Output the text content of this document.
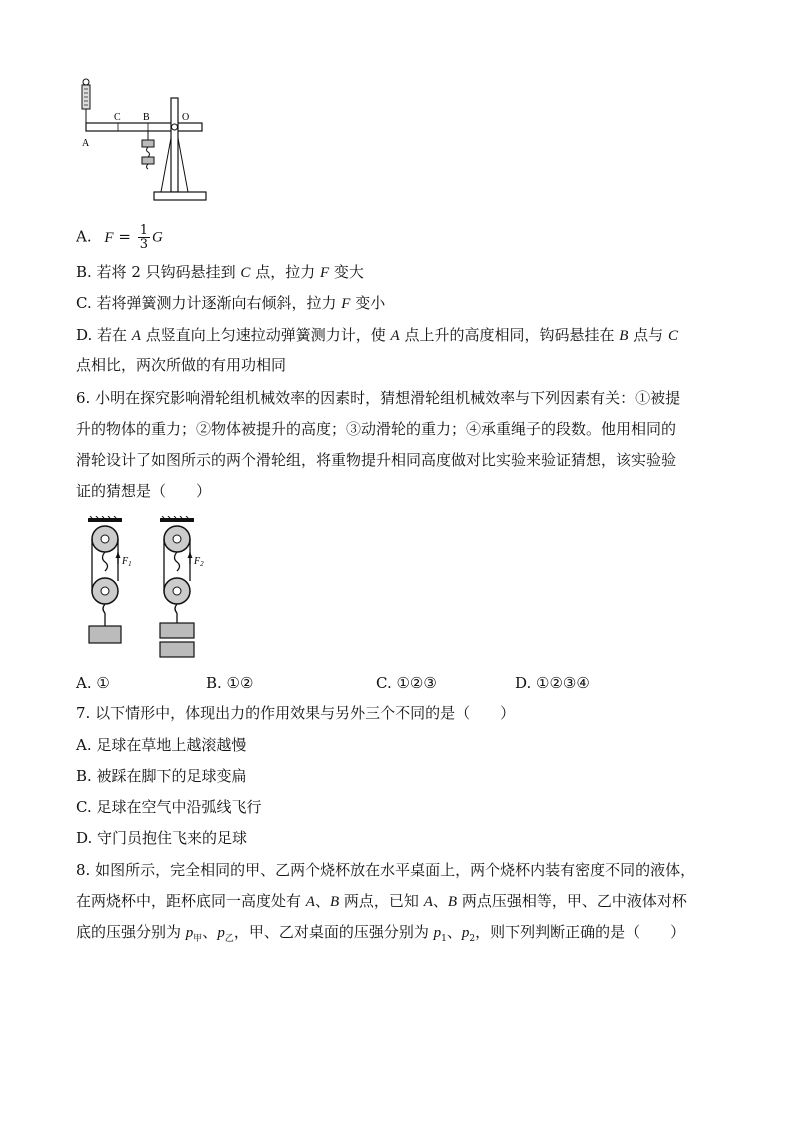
A
C B	O
A. $F = \frac{1}{3}$ G
B. 若将 2 只钩码悬挂到 C 点，拉力 F 变大
C. 若将弹簧测力计逐渐向右倾斜，拉力 F 变小
D. 若在 A 点竖直向上匀速拉动弹簧测力计，使 A 点上升的高度相同，钩码悬挂在 B 点与 C
点相比，两次所做的有用功相同
6. 小明在探究影响滑轮组机械效率的因素时，猜想滑轮组机械效率与下列因素有关：①被提
升的物体的重力；②物体被提升的高度；③动滑轮的重力；④承重绳子的段数。他用相同的
滑轮设计了如图所示的两个滑轮组，将重物提升相同高度做对比实验来验证猜想，该实验验
证的猜想是（　　）
$F_1$	$F_2$
A. ①	B. ①②	C. ①②③	D. ①②③④
7. 以下情形中，体现出力的作用效果与另外三个不同的是（　　）
A. 足球在草地上越滚越慢
B. 被踩在脚下的足球变扁
C. 足球在空气中沿弧线飞行
D. 守门员抱住飞来的足球
8. 如图所示，完全相同的甲、乙两个烧杯放在水平桌面上，两个烧杯内装有密度不同的液体，
在两烧杯中，距杯底同一高度处有 A、B 两点，已知 A、B 两点压强相等，甲、乙中液体对杯
底的压强分别为 $p_甲$、$p_乙$，甲、乙对桌面的压强分别为 $p_1$、$p_2$，则下列判断正确的是（　　）
